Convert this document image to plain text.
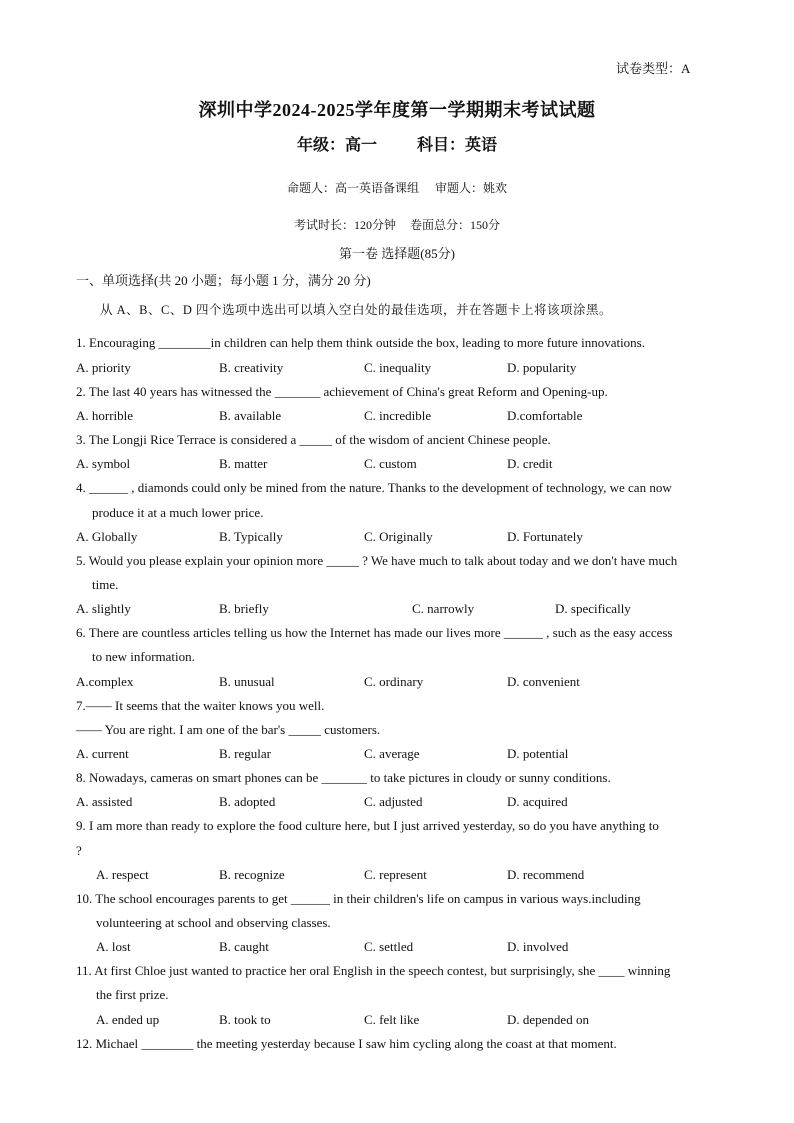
试卷类型：A
深圳中学2024-2025学年度第一学期期末考试试题
年级：高一	科目：英语
命题人：高一英语备课组 审题人：姚欢
考试时长：120分钟 卷面总分：150分
第一卷 选择题(85分)
一、单项选择(共 20 小题；每小题 1 分，满分 20 分)
从 A、B、C、D 四个选项中选出可以填入空白处的最佳选项，并在答题卡上将该项涂黑。
1. Encouraging ________in children can help them think outside the box, leading to more future innovations.
A. priority	B. creativity	C. inequality	D. popularity
2. The last 40 years has witnessed the _______ achievement of China's great Reform and Opening-up.
A. horrible	B. available	C. incredible	D.comfortable
3. The Longji Rice Terrace is considered a _____ of the wisdom of ancient Chinese people.
A. symbol	B. matter	C. custom	D. credit
4. ______ , diamonds could only be mined from the nature. Thanks to the development of technology, we can now
produce it at a much lower price.
A. Globally	B. Typically	C. Originally	D. Fortunately
5. Would you please explain your opinion more _____ ? We have much to talk about today and we don't have much
time.
A. slightly	B. briefly	C. narrowly	D. specifically
6. There are countless articles telling us how the Internet has made our lives more ______ , such as the easy access
to new information.
A.complex	B. unusual	C. ordinary	D. convenient
7.—— It seems that the waiter knows you well.
—— You are right. I am one of the bar's _____ customers.
A. current	B. regular	C. average	D. potential
8. Nowadays, cameras on smart phones can be _______ to take pictures in cloudy or sunny conditions.
A. assisted	B. adopted	C. adjusted	D. acquired
9. I am more than ready to explore the food culture here, but I just arrived yesterday, so do you have anything to
?
A. respect	B. recognize	C. represent	D. recommend
10. The school encourages parents to get ______ in their children's life on campus in various ways.including
volunteering at school and observing classes.
A. lost	B. caught	C. settled	D. involved
11. At first Chloe just wanted to practice her oral English in the speech contest, but surprisingly, she ____ winning
the first prize.
A. ended up	B. took to	C. felt like	D. depended on
12. Michael ________ the meeting yesterday because I saw him cycling along the coast at that moment.
